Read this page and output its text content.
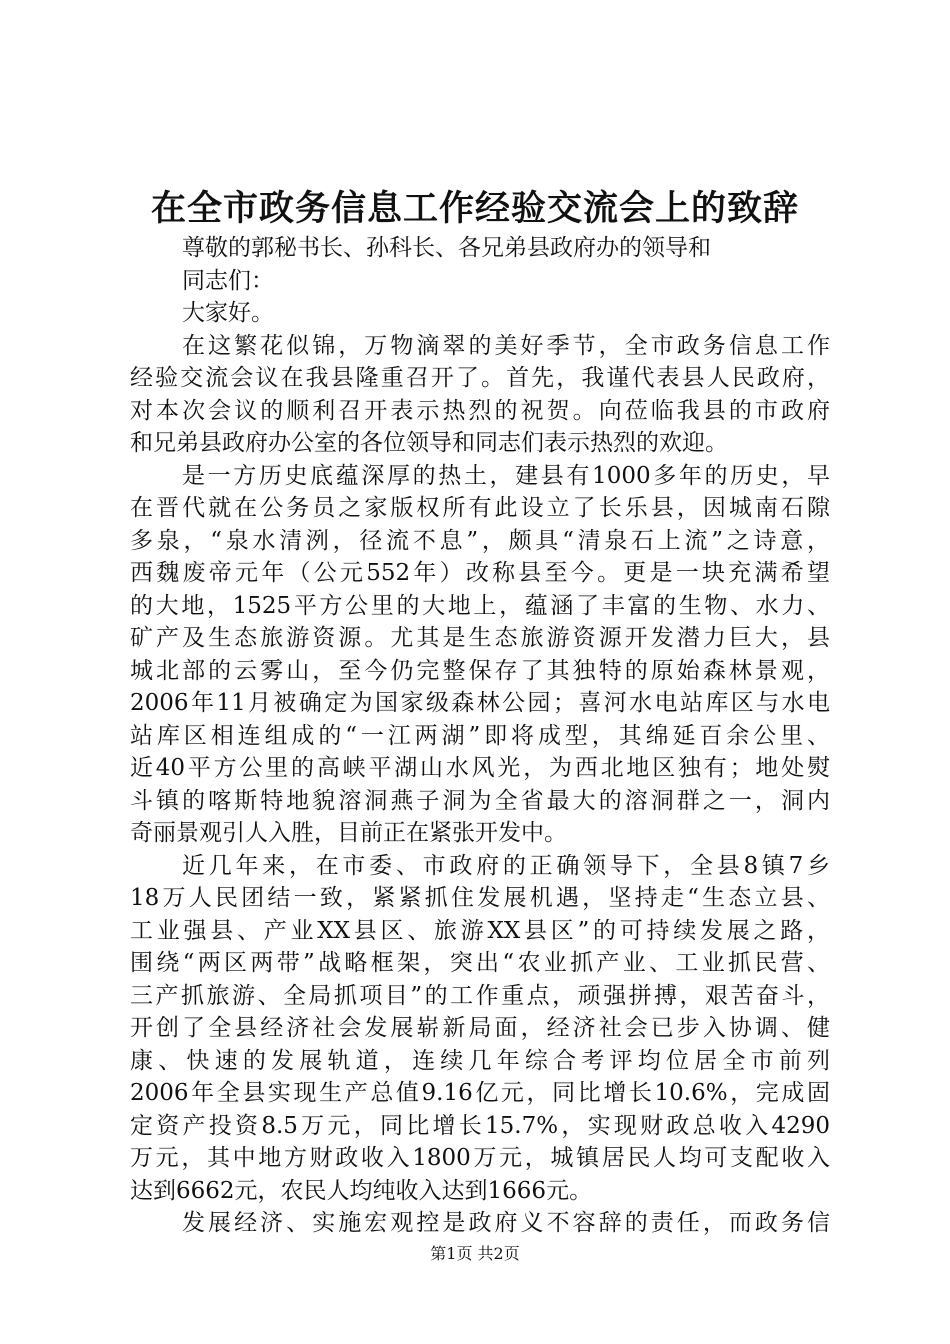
在全市政务信息工作经验交流会上的致辞
尊敬的郭秘书长、孙科长、各兄弟县政府办的领导和
同志们：
大家好。
在这繁花似锦，万物滴翠的美好季节，全市政务信息工作
经验交流会议在我县隆重召开了。首先，我谨代表县人民政府，
对本次会议的顺利召开表示热烈的祝贺。向莅临我县的市政府
和兄弟县政府办公室的各位领导和同志们表示热烈的欢迎。
是一方历史底蕴深厚的热土，建县有1000多年的历史，早
在晋代就在公务员之家版权所有此设立了长乐县，因城南石隙
多泉，“泉水清洌，径流不息”，颇具“清泉石上流”之诗意，
西魏废帝元年（公元552年）改称县至今。更是一块充满希望
的大地，1525平方公里的大地上，蕴涵了丰富的生物、水力、
矿产及生态旅游资源。尤其是生态旅游资源开发潜力巨大，县
城北部的云雾山，至今仍完整保存了其独特的原始森林景观，
2006年11月被确定为国家级森林公园；喜河水电站库区与水电
站库区相连组成的“一江两湖”即将成型，其绵延百余公里、
近40平方公里的高峡平湖山水风光，为西北地区独有；地处熨
斗镇的喀斯特地貌溶洞燕子洞为全省最大的溶洞群之一，洞内
奇丽景观引人入胜，目前正在紧张开发中。
近几年来，在市委、市政府的正确领导下，全县8镇7乡
18万人民团结一致，紧紧抓住发展机遇，坚持走“生态立县、
工业强县、产业XX县区、旅游XX县区”的可持续发展之路，
围绕“两区两带”战略框架，突出“农业抓产业、工业抓民营、
三产抓旅游、全局抓项目”的工作重点，顽强拼搏，艰苦奋斗，
开创了全县经济社会发展崭新局面，经济社会已步入协调、健
康、快速的发展轨道，连续几年综合考评均位居全市前列
2006年全县实现生产总值9.16亿元，同比增长10.6%，完成固
定资产投资8.5万元，同比增长15.7%，实现财政总收入4290
万元，其中地方财政收入1800万元，城镇居民人均可支配收入
达到6662元，农民人均纯收入达到1666元。
发展经济、实施宏观控是政府义不容辞的责任，而政务信
第1页 共2页
